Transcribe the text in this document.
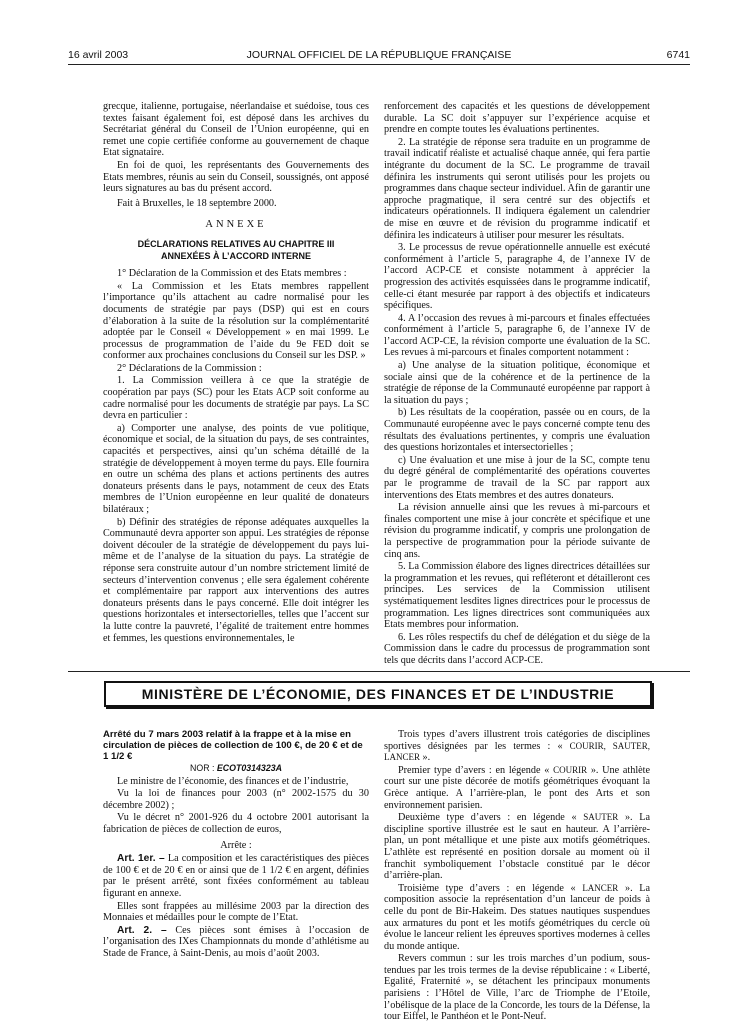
16 avril 2003	JOURNAL OFFICIEL DE LA RÉPUBLIQUE FRANÇAISE	6741

grecque, italienne, portugaise, néerlandaise et suédoise, tous ces textes faisant également foi, est déposé dans les archives du Secrétariat général du Conseil de l’Union européenne, qui en remet une copie certifiée conforme au gouvernement de chaque Etat signataire.

En foi de quoi, les représentants des Gouvernements des Etats membres, réunis au sein du Conseil, soussignés, ont apposé leurs signatures au bas du présent accord.

Fait à Bruxelles, le 18 septembre 2000.

ANNEXE

DÉCLARATIONS RELATIVES AU CHAPITRE III
ANNEXÉES À L’ACCORD INTERNE

1° Déclaration de la Commission et des Etats membres :

« La Commission et les Etats membres rappellent l’importance qu’ils attachent au cadre normalisé pour les documents de stratégie par pays (DSP) qui est en cours d’élaboration à la suite de la résolution sur la complémentarité adoptée par le Conseil « Développement » en mai 1999. Le processus de programmation de l’aide du 9e FED doit se conformer aux prochaines conclusions du Conseil sur les DSP. »

2° Déclarations de la Commission :

1. La Commission veillera à ce que la stratégie de coopération par pays (SC) pour les Etats ACP soit conforme au cadre normalisé pour les documents de stratégie par pays. La SC devra en particulier :

a) Comporter une analyse, des points de vue politique, économique et social, de la situation du pays, de ses contraintes, capacités et perspectives, ainsi qu’un schéma détaillé de la stratégie de développement à moyen terme du pays. Elle fournira en outre un schéma des plans et actions pertinents des autres donateurs présents dans le pays, notamment de ceux des Etats membres de l’Union européenne en leur qualité de donateurs bilatéraux ;

b) Définir des stratégies de réponse adéquates auxquelles la Communauté devra apporter son appui. Les stratégies de réponse doivent découler de la stratégie de développement du pays lui-même et de l’analyse de la situation du pays. La stratégie de réponse sera construite autour d’un nombre strictement limité de secteurs d’intervention convenus ; elle sera également cohérente et complémentaire par rapport aux interventions des autres donateurs présents dans le pays concerné. Elle doit intégrer les questions horizontales et intersectorielles, telles que l’accent sur la lutte contre la pauvreté, l’égalité de traitement entre hommes et femmes, les questions environnementales, le

renforcement des capacités et les questions de développement durable. La SC doit s’appuyer sur l’expérience acquise et prendre en compte toutes les évaluations pertinentes.

2. La stratégie de réponse sera traduite en un programme de travail indicatif réaliste et actualisé chaque année, qui fera partie intégrante du document de la SC. Le programme de travail définira les instruments qui seront utilisés pour les projets ou programmes dans chaque secteur individuel. Afin de garantir une approche pragmatique, il sera centré sur des objectifs et indicateurs opérationnels. Il indiquera également un calendrier de mise en œuvre et de révision du programme indicatif et définira les indicateurs à utiliser pour mesurer les résultats.

3. Le processus de revue opérationnelle annuelle est exécuté conformément à l’article 5, paragraphe 4, de l’annexe IV de l’accord ACP-CE et consiste notamment à apprécier la progression des activités esquissées dans le programme indicatif, celle-ci étant mesurée par rapport à des objectifs et indicateurs spécifiques.

4. A l’occasion des revues à mi-parcours et finales effectuées conformément à l’article 5, paragraphe 6, de l’annexe IV de l’accord ACP-CE, la révision comporte une évaluation de la SC. Les revues à mi-parcours et finales comportent notamment :

a) Une analyse de la situation politique, économique et sociale ainsi que de la cohérence et de la pertinence de la stratégie de réponse de la Communauté européenne par rapport à la situation du pays ;

b) Les résultats de la coopération, passée ou en cours, de la Communauté européenne avec le pays concerné compte tenu des résultats des évaluations pertinentes, y compris une évaluation des questions horizontales et intersectorielles ;

c) Une évaluation et une mise à jour de la SC, compte tenu du degré général de complémentarité des opérations couvertes par le programme de travail de la SC par rapport aux interventions des Etats membres et des autres donateurs.

La révision annuelle ainsi que les revues à mi-parcours et finales comportent une mise à jour concrète et spécifique et une révision du programme indicatif, y compris une prolongation de la perspective de programmation pour la période suivante de cinq ans.

5. La Commission élabore des lignes directrices détaillées sur la programmation et les revues, qui refléteront et détailleront ces principes. Les services de la Commission utilisent systématiquement lesdites lignes directrices pour le processus de programmation. Les lignes directrices sont communiquées aux Etats membres pour information.

6. Les rôles respectifs du chef de délégation et du siège de la Commission dans le cadre du processus de programmation sont tels que décrits dans l’accord ACP-CE.

MINISTÈRE DE L’ÉCONOMIE, DES FINANCES ET DE L’INDUSTRIE

Arrêté du 7 mars 2003 relatif à la frappe et à la mise en circulation de pièces de collection de 100 €, de 20 € et de 1 1/2 €

NOR : ECOT0314323A

Le ministre de l’économie, des finances et de l’industrie,

Vu la loi de finances pour 2003 (n° 2002-1575 du 30 décembre 2002) ;

Vu le décret n° 2001-926 du 4 octobre 2001 autorisant la fabrication de pièces de collection de euros,

Arrête :

Art. 1er. – La composition et les caractéristiques des pièces de 100 € et de 20 € en or ainsi que de 1 1/2 € en argent, définies par le présent arrêté, sont fixées conformément au tableau figurant en annexe.

Elles sont frappées au millésime 2003 par la direction des Monnaies et médailles pour le compte de l’Etat.

Art. 2. – Ces pièces sont émises à l’occasion de l’organisation des IXes Championnats du monde d’athlétisme au Stade de France, à Saint-Denis, au mois d’août 2003.

Trois types d’avers illustrent trois catégories de disciplines sportives désignées par les termes : « COURIR, SAUTER, LANCER ».

Premier type d’avers : en légende « COURIR ». Une athlète court sur une piste décorée de motifs géométriques évoquant la Grèce antique. A l’arrière-plan, le pont des Arts et son environnement parisien.

Deuxième type d’avers : en légende « SAUTER ». La discipline sportive illustrée est le saut en hauteur. A l’arrière-plan, un pont métallique et une piste aux motifs géométriques. L’athlète est représenté en position dorsale au moment où il franchit symboliquement l’obstacle constitué par le décor d’arrière-plan.

Troisième type d’avers : en légende « LANCER ». La composition associe la représentation d’un lanceur de poids à celle du pont de Bir-Hakeim. Des statues nautiques suspendues aux armatures du pont et les motifs géométriques du cercle où évolue le lanceur relient les épreuves sportives modernes à celles du monde antique.

Revers commun : sur les trois marches d’un podium, sous-tendues par les trois termes de la devise républicaine : « Liberté, Egalité, Fraternité », se détachent les principaux monuments parisiens : l’Hôtel de Ville, l’arc de Triomphe de l’Etoile, l’obélisque de la place de la Concorde, les tours de la Défense, la tour Eiffel, le Panthéon et le Pont-Neuf.
